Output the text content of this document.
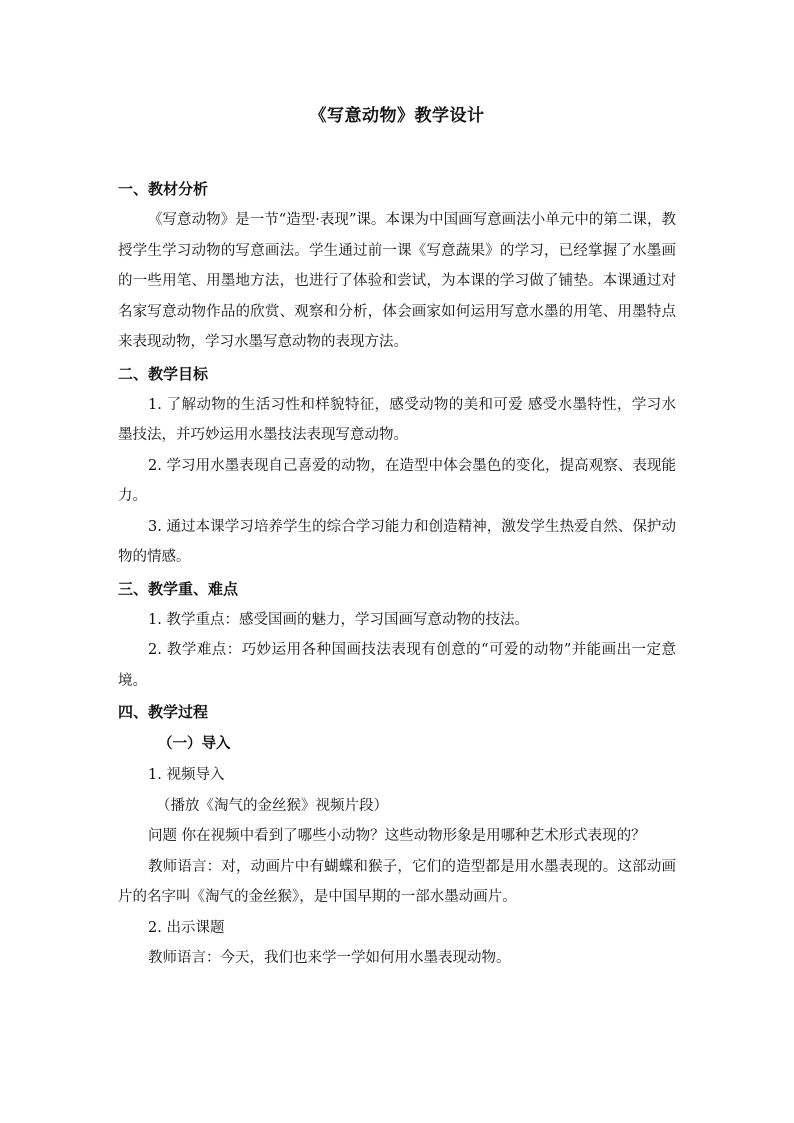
《写意动物》教学设计

一、教材分析

《写意动物》是一节“造型·表现”课。本课为中国画写意画法小单元中的第二课，教授学生学习动物的写意画法。学生通过前一课《写意蔬果》的学习，已经掌握了水墨画的一些用笔、用墨地方法，也进行了体验和尝试，为本课的学习做了铺垫。本课通过对名家写意动物作品的欣赏、观察和分析，体会画家如何运用写意水墨的用笔、用墨特点来表现动物，学习水墨写意动物的表现方法。

二、教学目标

1. 了解动物的生活习性和样貌特征，感受动物的美和可爱 感受水墨特性，学习水墨技法，并巧妙运用水墨技法表现写意动物。

2. 学习用水墨表现自己喜爱的动物，在造型中体会墨色的变化，提高观察、表现能力。

3. 通过本课学习培养学生的综合学习能力和创造精神，激发学生热爱自然、保护动物的情感。

三、教学重、难点

1. 教学重点：感受国画的魅力，学习国画写意动物的技法。

2. 教学难点：巧妙运用各种国画技法表现有创意的“可爱的动物”并能画出一定意境。

四、教学过程

（一）导入

1. 视频导入

（播放《淘气的金丝猴》视频片段）

问题 你在视频中看到了哪些小动物？这些动物形象是用哪种艺术形式表现的？

教师语言：对，动画片中有蝴蝶和猴子，它们的造型都是用水墨表现的。这部动画片的名字叫《淘气的金丝猴》，是中国早期的一部水墨动画片。

2. 出示课题

教师语言：今天，我们也来学一学如何用水墨表现动物。
